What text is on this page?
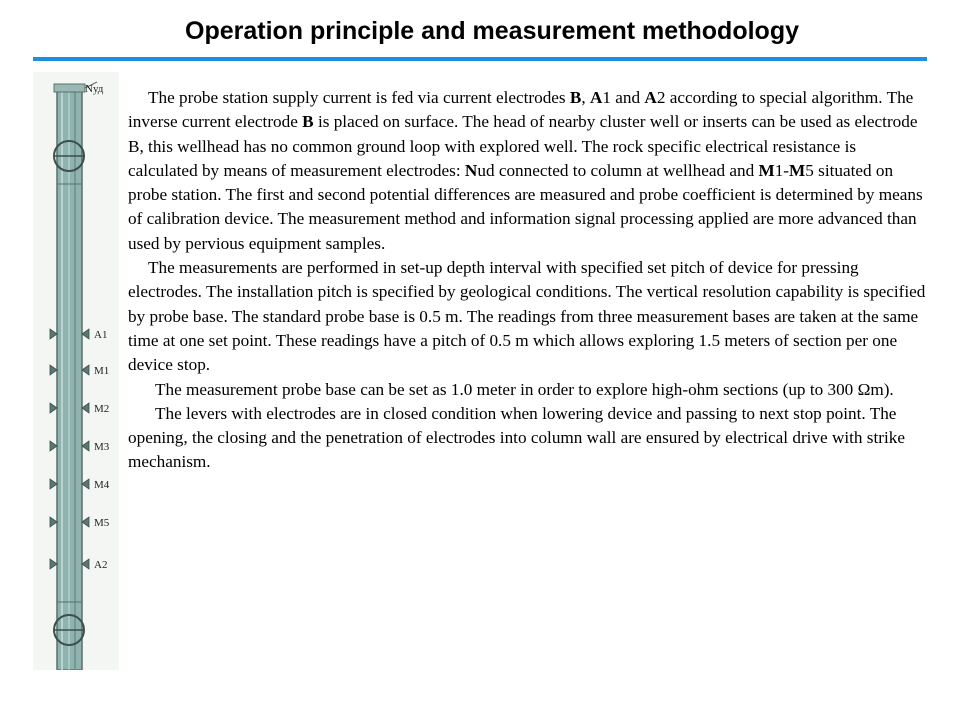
Operation principle and measurement methodology
Nуд
A1
M1
M2
M3
M4
M5
A2

The probe station supply current is fed via current electrodes B, A1 and A2 according to special algorithm. The inverse current electrode B is placed on surface. The head of nearby cluster well or inserts can be used as electrode B, this wellhead has no common ground loop with explored well. The rock specific electrical resistance is calculated by means of measurement electrodes: Nud connected to column at wellhead and M1-M5 situated on probe station. The first and second potential differences are measured and probe coefficient is determined by means of calibration device. The measurement method and information signal processing applied are more advanced than used by pervious equipment samples.

The measurements are performed in set-up depth interval with specified set pitch of device for pressing electrodes. The installation pitch is specified by geological conditions. The vertical resolution capability is specified by probe base. The standard probe base is 0.5 m. The readings from three measurement bases are taken at the same time at one set point. These readings have a pitch of 0.5 m which allows exploring 1.5 meters of section per one device stop.

The measurement probe base can be set as 1.0 meter in order to explore high-ohm sections (up to 300 Ωm).

The levers with electrodes are in closed condition when lowering device and passing to next stop point. The opening, the closing and the penetration of electrodes into column wall are ensured by electrical drive with strike mechanism.
